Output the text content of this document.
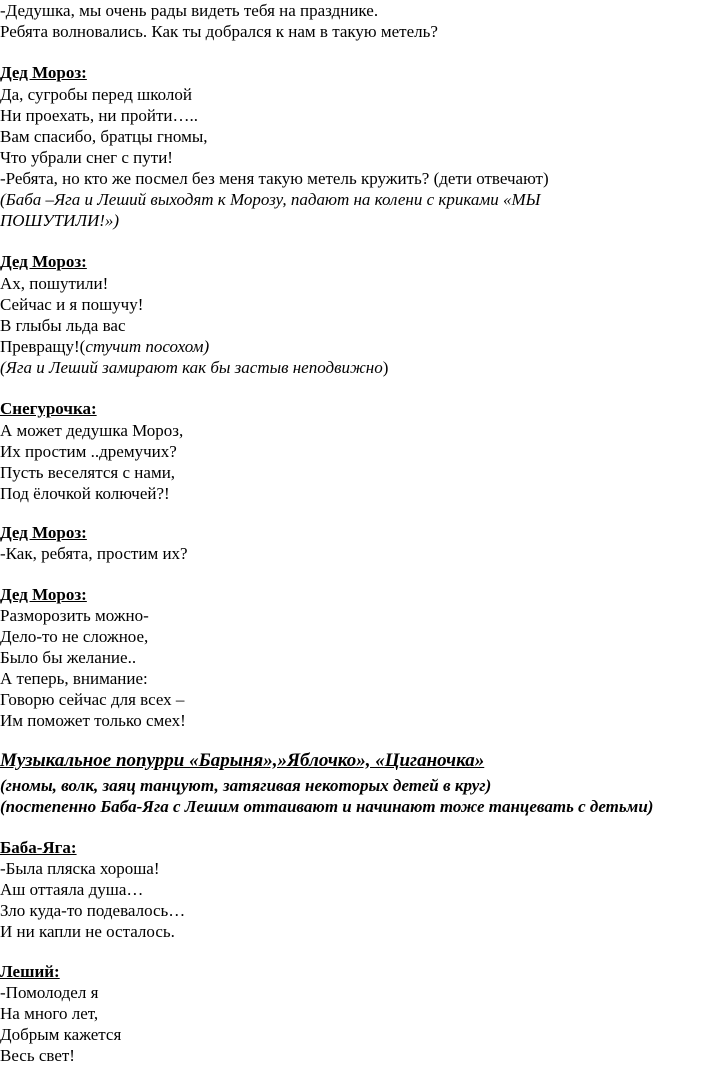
-Дедушка, мы очень рады видеть тебя на празднике.
Ребята волновались. Как ты добрался к нам в такую метель?
Дед Мороз:
Да, сугробы перед школой
Ни проехать, ни пройти…..
Вам спасибо, братцы гномы,
Что убрали снег с пути!
-Ребята, но кто же посмел без меня такую метель кружить? (дети отвечают)
(Баба –Яга и Леший выходят к Морозу, падают на колени с криками «МЫ
ПОШУТИЛИ!»)
Дед Мороз:
Ах, пошутили!
Сейчас и я пошучу!
В глыбы льда вас
Превращу!(стучит посохом)
(Яга и Леший замирают как бы застыв неподвижно)
Снегурочка:
А может дедушка Мороз,
Их простим ..дремучих?
Пусть веселятся с нами,
Под ёлочкой колючей?!
Дед Мороз:
-Как, ребята, простим их?
Дед Мороз:
Разморозить можно-
Дело-то не сложное,
Было бы желание..
А теперь, внимание:
Говорю сейчас для всех –
Им поможет только смех!
Музыкальное попурри «Барыня»,»Яблочко», «Циганочка»
(гномы, волк, заяц танцуют, затягивая некоторых детей в круг)
(постепенно Баба-Яга с Лешим оттаивают и начинают тоже танцевать с детьми)
Баба-Яга:
-Была пляска хороша!
Аш оттаяла душа…
Зло куда-то подевалось…
И ни капли не осталось.
Леший:
-Помолодел я
На много лет,
Добрым кажется
Весь свет!
